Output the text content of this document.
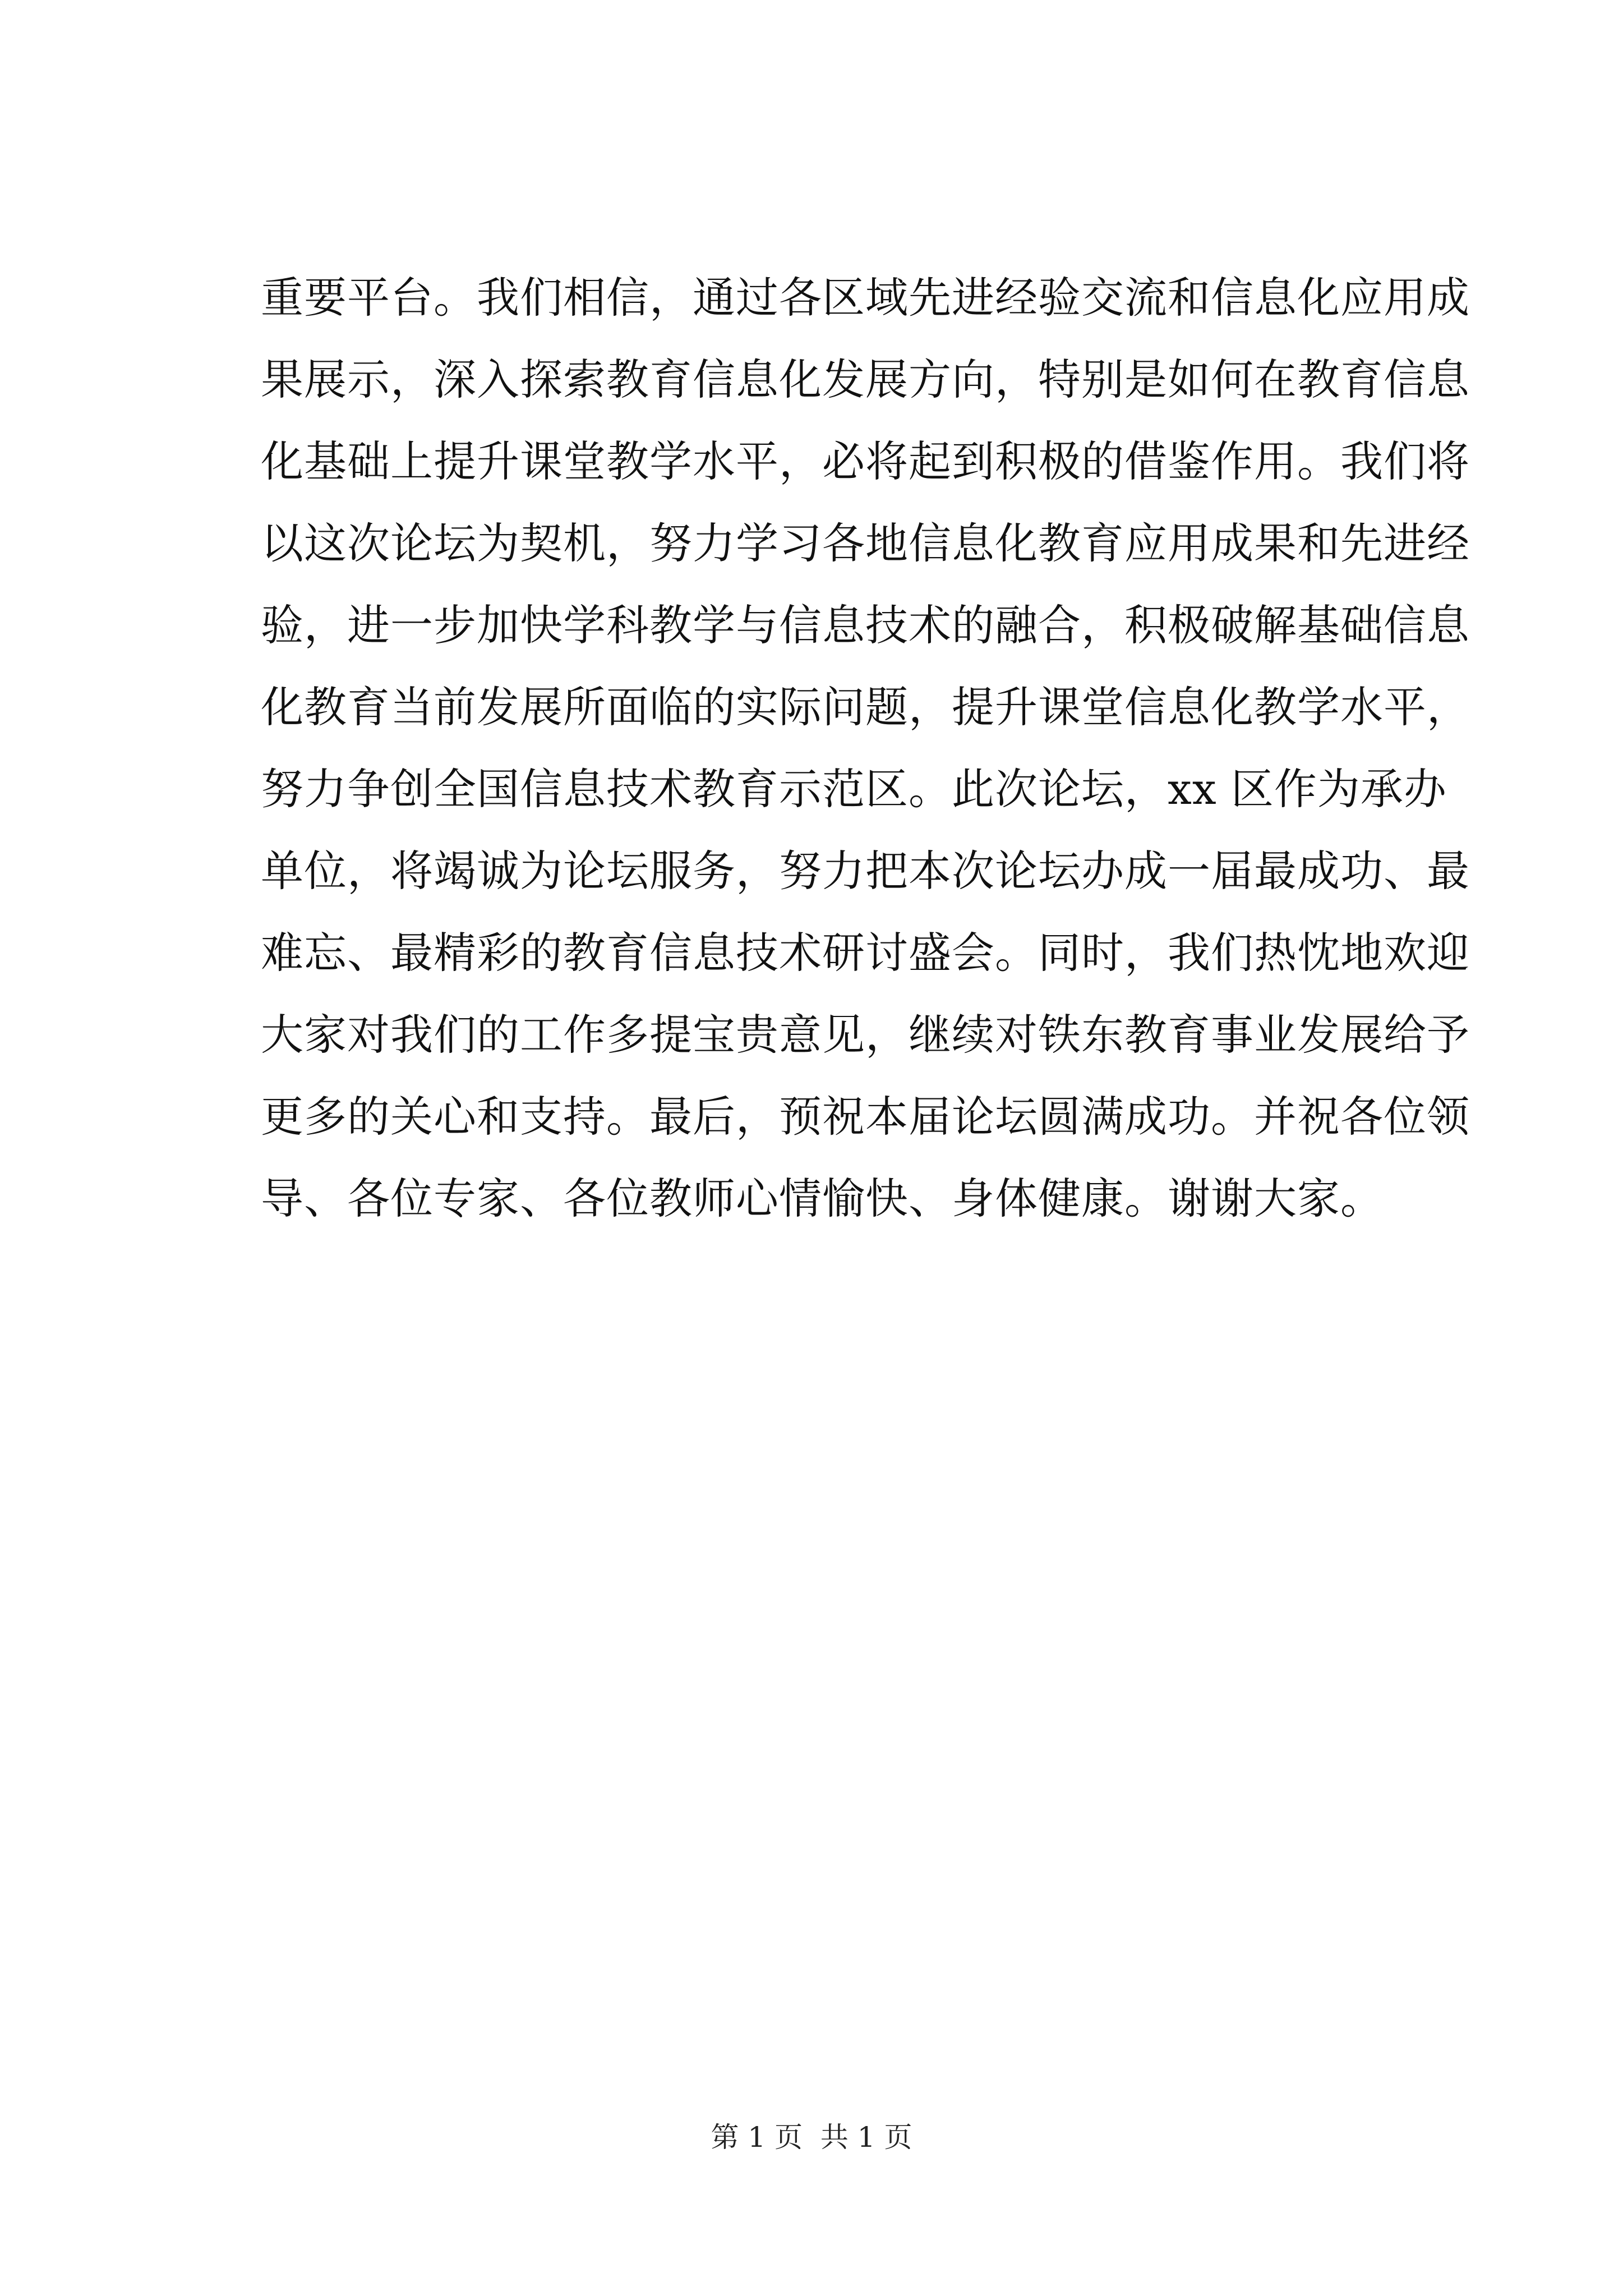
重要平台。我们相信，通过各区域先进经验交流和信息化应用成
果展示，深入探索教育信息化发展方向，特别是如何在教育信息
化基础上提升课堂教学水平，必将起到积极的借鉴作用。我们将
以这次论坛为契机，努力学习各地信息化教育应用成果和先进经
验，进一步加快学科教学与信息技术的融合，积极破解基础信息
化教育当前发展所面临的实际问题，提升课堂信息化教学水平，
努力争创全国信息技术教育示范区。此次论坛，xx 区作为承办
单位，将竭诚为论坛服务，努力把本次论坛办成一届最成功、最
难忘、最精彩的教育信息技术研讨盛会。同时，我们热忱地欢迎
大家对我们的工作多提宝贵意见，继续对铁东教育事业发展给予
更多的关心和支持。最后，预祝本届论坛圆满成功。并祝各位领
导、各位专家、各位教师心情愉快、身体健康。谢谢大家。
第 1 页  共 1 页
